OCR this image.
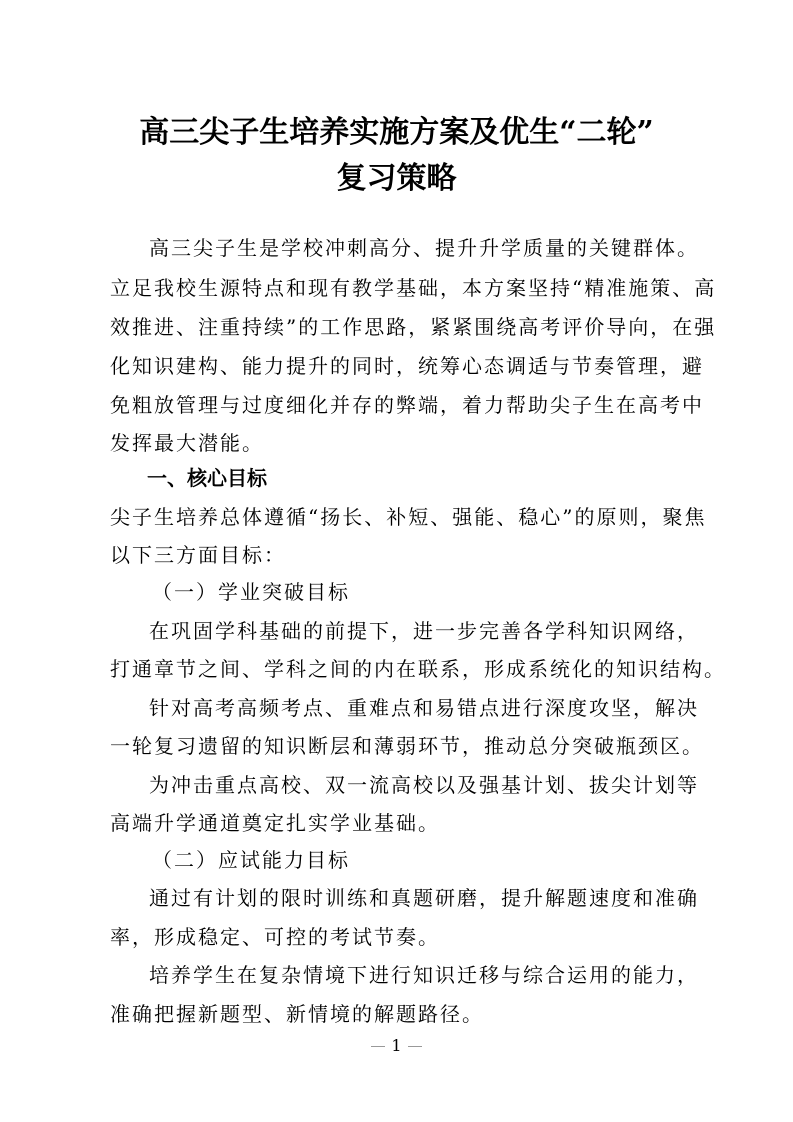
高三尖子生培养实施方案及优生“二轮”
复习策略
高三尖子生是学校冲刺高分、提升升学质量的关键群体。
立足我校生源特点和现有教学基础，本方案坚持“精准施策、高
效推进、注重持续”的工作思路，紧紧围绕高考评价导向，在强
化知识建构、能力提升的同时，统筹心态调适与节奏管理，避
免粗放管理与过度细化并存的弊端，着力帮助尖子生在高考中
发挥最大潜能。
一、核心目标
尖子生培养总体遵循“扬长、补短、强能、稳心”的原则，聚焦
以下三方面目标：
（一）学业突破目标
在巩固学科基础的前提下，进一步完善各学科知识网络，
打通章节之间、学科之间的内在联系，形成系统化的知识结构。
针对高考高频考点、重难点和易错点进行深度攻坚，解决
一轮复习遗留的知识断层和薄弱环节，推动总分突破瓶颈区。
为冲击重点高校、双一流高校以及强基计划、拔尖计划等
高端升学通道奠定扎实学业基础。
（二）应试能力目标
通过有计划的限时训练和真题研磨，提升解题速度和准确
率，形成稳定、可控的考试节奏。
培养学生在复杂情境下进行知识迁移与综合运用的能力，
准确把握新题型、新情境的解题路径。
1
